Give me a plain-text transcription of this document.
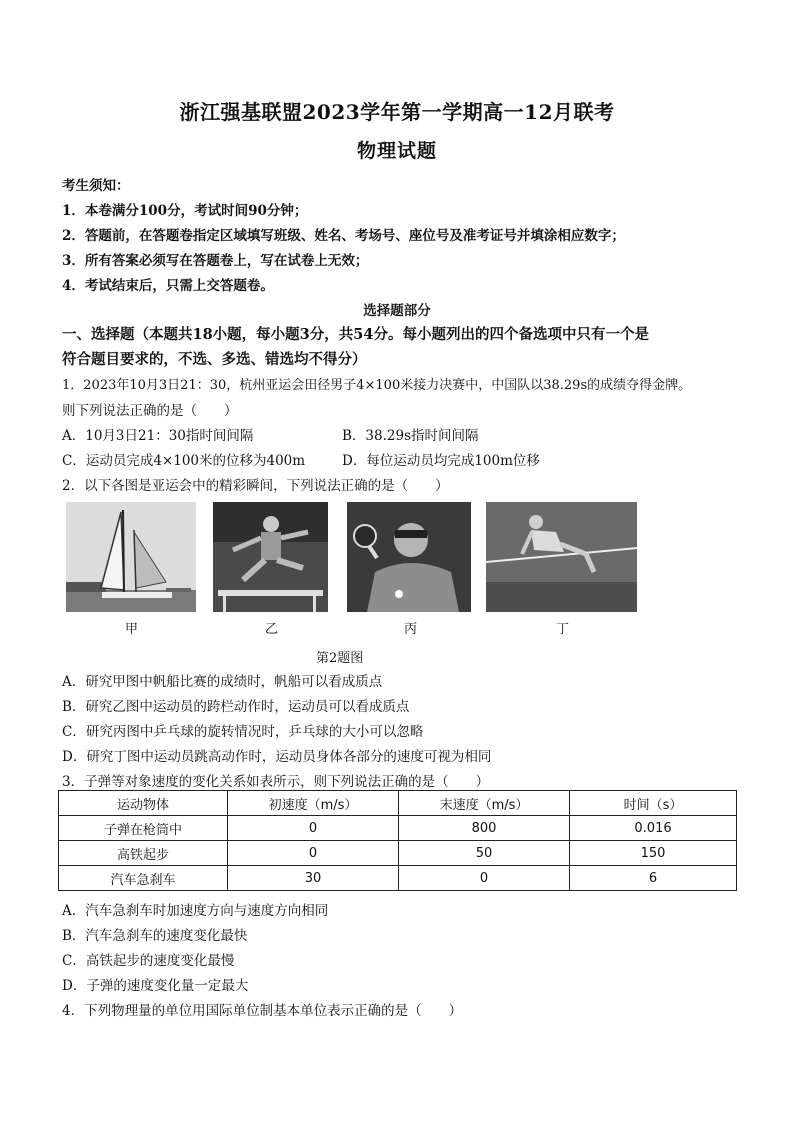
浙江强基联盟2023学年第一学期高一12月联考
物理试题
考生须知：
1．本卷满分100分，考试时间90分钟；
2．答题前，在答题卷指定区域填写班级、姓名、考场号、座位号及准考证号并填涂相应数字；
3．所有答案必须写在答题卷上，写在试卷上无效；
4．考试结束后，只需上交答题卷。
选择题部分
一、选择题（本题共18小题，每小题3分，共54分。每小题列出的四个备选项中只有一个是
符合题目要求的，不选、多选、错选均不得分）
1．2023年10月3日21：30，杭州亚运会田径男子4×100米接力决赛中，中国队以38.29s的成绩夺得金牌。
则下列说法正确的是（　　）
A．10月3日21：30指时间间隔	B．38.29s指时间间隔
C．运动员完成4×100米的位移为400m	D．每位运动员均完成100m位移
2．以下各图是亚运会中的精彩瞬间，下列说法正确的是（　　）
甲	乙	丙	丁
第2题图
A．研究甲图中帆船比赛的成绩时，帆船可以看成质点
B．研究乙图中运动员的跨栏动作时，运动员可以看成质点
C．研究丙图中乒乓球的旋转情况时，乒乓球的大小可以忽略
D．研究丁图中运动员跳高动作时，运动员身体各部分的速度可视为相同
3．子弹等对象速度的变化关系如表所示，则下列说法正确的是（　　）
运动物体	初速度（m/s）	末速度（m/s）	时间（s）
子弹在枪筒中	0	800	0.016
高铁起步	0	50	150
汽车急刹车	30	0	6
A．汽车急刹车时加速度方向与速度方向相同
B．汽车急刹车的速度变化最快
C．高铁起步的速度变化最慢
D．子弹的速度变化量一定最大
4．下列物理量的单位用国际单位制基本单位表示正确的是（　　）
